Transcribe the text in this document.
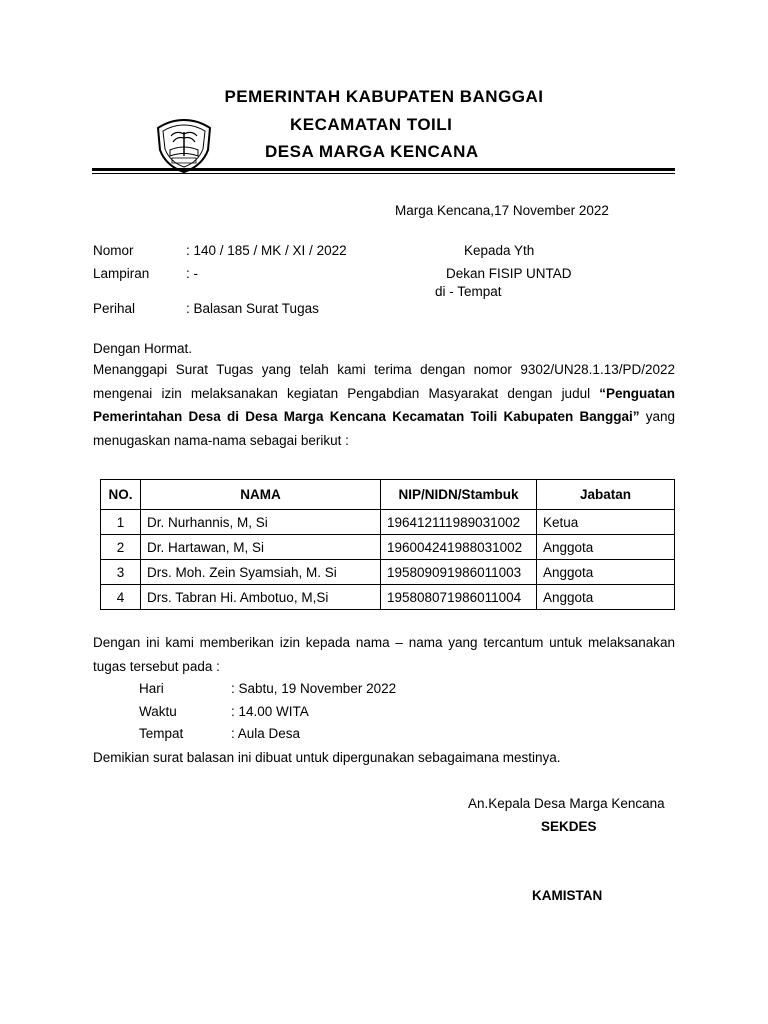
PEMERINTAH KABUPATEN BANGGAI
KECAMATAN TOILI
DESA MARGA KENCANA
Marga Kencana,17 November 2022
Nomor	: 140 / 185 / MK / XI / 2022
Lampiran	: -
Perihal	: Balasan Surat Tugas
Kepada Yth
Dekan FISIP UNTAD
di - Tempat
Dengan Hormat.
Menanggapi Surat Tugas yang telah kami terima dengan nomor 9302/UN28.1.13/PD/2022 mengenai izin melaksanakan kegiatan Pengabdian Masyarakat dengan judul “Penguatan Pemerintahan Desa di Desa Marga Kencana Kecamatan Toili Kabupaten Banggai” yang menugaskan nama-nama sebagai berikut :
NO.	NAMA	NIP/NIDN/Stambuk	Jabatan
1	Dr. Nurhannis, M, Si	196412111989031002	Ketua
2	Dr. Hartawan, M, Si	196004241988031002	Anggota
3	Drs. Moh. Zein Syamsiah, M. Si	195809091986011003	Anggota
4	Drs. Tabran Hi. Ambotuo, M,Si	195808071986011004	Anggota
Dengan ini kami memberikan izin kepada nama – nama yang tercantum untuk melaksanakan tugas tersebut pada :
Hari	: Sabtu, 19 November 2022
Waktu	: 14.00 WITA
Tempat	: Aula Desa
Demikian surat balasan ini dibuat untuk dipergunakan sebagaimana mestinya.
An.Kepala Desa Marga Kencana
SEKDES
KAMISTAN
